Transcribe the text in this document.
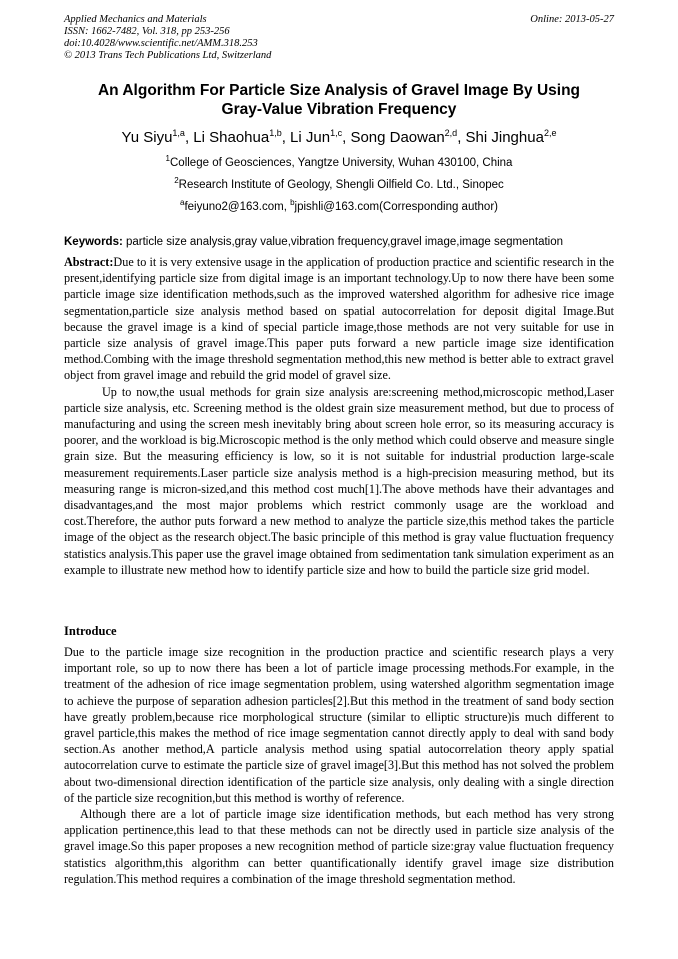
Applied Mechanics and Materials
ISSN: 1662-7482, Vol. 318, pp 253-256
doi:10.4028/www.scientific.net/AMM.318.253
© 2013 Trans Tech Publications Ltd, Switzerland
Online: 2013-05-27
An Algorithm For Particle Size Analysis of Gravel Image By Using
Gray-Value Vibration Frequency
Yu Siyu$^{1,a}$, Li Shaohua$^{1,b}$, Li Jun$^{1,c}$, Song Daowan$^{2,d}$, Shi Jinghua$^{2,e}$
$^1$College of Geosciences, Yangtze University, Wuhan 430100, China
$^2$Research Institute of Geology, Shengli Oilfield Co. Ltd., Sinopec
$^a$feiyuno2@163.com, $^b$jpishli@163.com(Corresponding author)
Keywords: particle size analysis,gray value,vibration frequency,gravel image,image segmentation

Abstract:Due to it is very extensive usage in the application of production practice and scientific research in the present,identifying particle size from digital image is an important technology.Up to now there have been some particle image size identification methods,such as the improved watershed algorithm for adhesive rice image segmentation,particle size analysis method based on spatial autocorrelation for deposit digital Image.But because the gravel image is a kind of special particle image,those methods are not very suitable for use in particle size analysis of gravel image.This paper puts forward a new particle image size identification method.Combing with the image threshold segmentation method,this new method is better able to extract gravel object from gravel image and rebuild the grid model of gravel size.

Up to now,the usual methods for grain size analysis are:screening method,microscopic method,Laser particle size analysis, etc. Screening method is the oldest grain size measurement method, but due to process of manufacturing and using the screen mesh inevitably bring about screen hole error, so its measuring accuracy is poorer, and the workload is big.Microscopic method is the only method which could observe and measure single grain size. But the measuring efficiency is low, so it is not suitable for industrial production large-scale measurement requirements.Laser particle size analysis method is a high-precision measuring method, but its measuring range is micron-sized,and this method cost much[1].The above methods have their advantages and disadvantages,and the most major problems which restrict commonly usage are the workload and cost.Therefore, the author puts forward a new method to analyze the particle size,this method takes the particle image of the object as the research object.The basic principle of this method is gray value fluctuation frequency statistics analysis.This paper use the gravel image obtained from sedimentation tank simulation experiment as an example to illustrate new method how to identify particle size and how to build the particle size grid model.

Introduce

Due to the particle image size recognition in the production practice and scientific research plays a very important role, so up to now there has been a lot of particle image processing methods.For example, in the treatment of the adhesion of rice image segmentation problem, using watershed algorithm segmentation image to achieve the purpose of separation adhesion particles[2].But this method in the treatment of sand body section have greatly problem,because rice morphological structure (similar to elliptic structure)is much different to gravel particle,this makes the method of rice image segmentation cannot directly apply to deal with sand body section.As another method,A particle analysis method using spatial autocorrelation theory apply spatial autocorrelation curve to estimate the particle size of gravel image[3].But this method has not solved the problem about two-dimensional direction identification of the particle size analysis, only dealing with a single direction of the particle size recognition,but this method is worthy of reference.

Although there are a lot of particle image size identification methods, but each method has very strong application pertinence,this lead to that these methods can not be directly used in particle size analysis of the gravel image.So this paper proposes a new recognition method of particle size:gray value fluctuation frequency statistics algorithm,this algorithm can better quantificationally identify gravel image size distribution regulation.This method requires a combination of the image threshold segmentation method.
